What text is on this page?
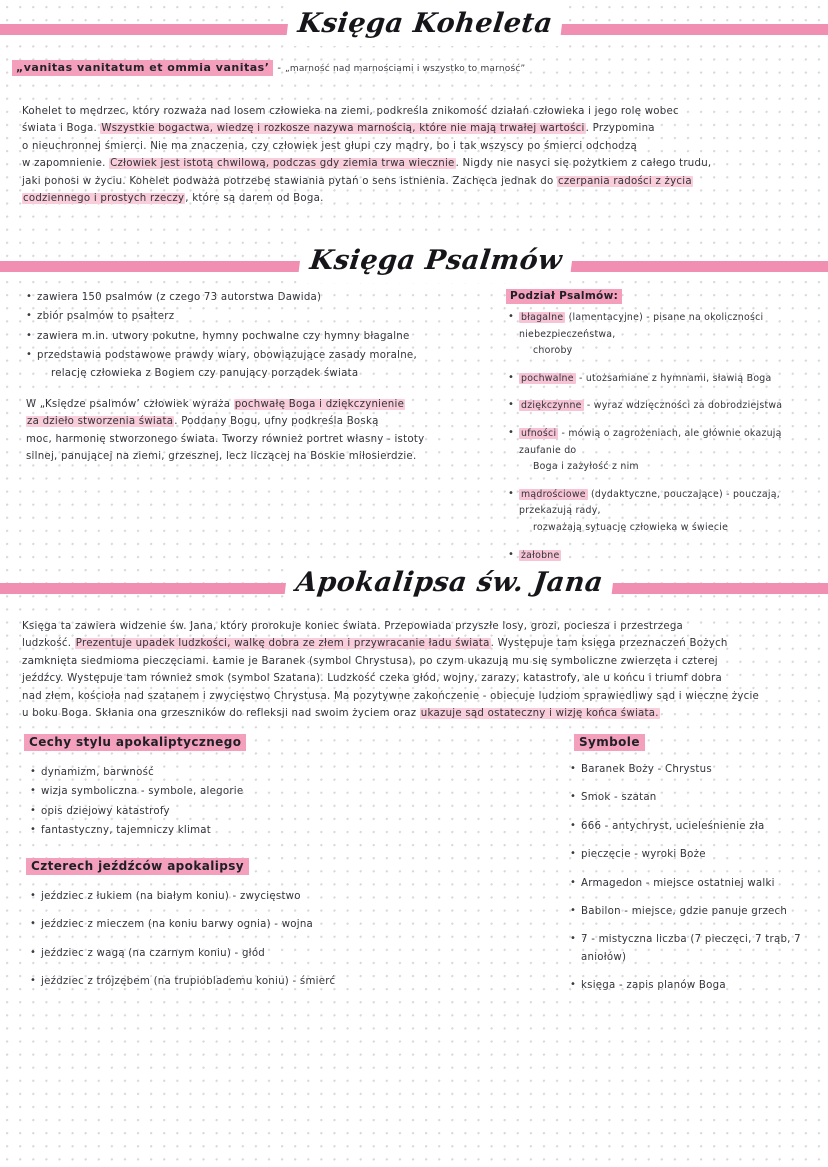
Księga Koheleta
„vanitas vanitatum et ommia vanitas’ - „marność nad marnościami i wszystko to marność”
Kohelet to mędrzec, który rozważa nad losem człowieka na ziemi, podkreśla znikomość działań człowieka i jego rolę wobec
świata i Boga. Wszystkie bogactwa, wiedzę i rozkosze nazywa marnością, które nie mają trwałej wartości. Przypomina
o nieuchronnej śmierci. Nie ma znaczenia, czy człowiek jest głupi czy mądry, bo i tak wszyscy po śmierci odchodzą
w zapomnienie. Człowiek jest istotą chwilową, podczas gdy ziemia trwa wiecznie. Nigdy nie nasyci się pożytkiem z całego trudu,
jaki ponosi w życiu. Kohelet podważa potrzebę stawiania pytań o sens istnienia. Zachęca jednak do czerpania radości z życia
codziennego i prostych rzeczy, które są darem od Boga.
Księga Psalmów
• zawiera 150 psalmów (z czego 73 autorstwa Dawida)
• zbiór psalmów to psałterz
• zawiera m.in. utwory pokutne, hymny pochwalne czy hymny błagalne
• przedstawia podstawowe prawdy wiary, obowiązujące zasady moralne,
relację człowieka z Bogiem czy panujący porządek świata
W „Księdze psalmów’ człowiek wyraża pochwałę Boga i dziękczynienie
za dzieło stworzenia świata. Poddany Bogu, ufny podkreśla Boską
moc, harmonię stworzonego świata. Tworzy również portret własny - istoty
silnej, panującej na ziemi, grzesznej, lecz liczącej na Boskie miłosierdzie.
Podział Psalmów:
• błagalne (lamentacyjne) - pisane na okoliczności niebezpieczeństwa,
choroby
• pochwalne - utożsamiane z hymnami, sławią Boga
• dziękczynne - wyraz wdzięczności za dobrodziejstwa
• ufności - mówią o zagrożeniach, ale głównie okazują zaufanie do
Boga i zażyłość z nim
• mądrościowe (dydaktyczne, pouczające) - pouczają, przekazują rady,
rozważają sytuację człowieka w świecie
• żałobne
Apokalipsa św. Jana
Księga ta zawiera widzenie św. Jana, który prorokuje koniec świata. Przepowiada przyszłe losy, grozi, pociesza i przestrzega
ludzkość. Prezentuje upadek ludzkości, walkę dobra ze złem i przywracanie ładu świata. Występuje tam księga przeznaczeń Bożych
zamknięta siedmioma pieczęciami. Łamie je Baranek (symbol Chrystusa), po czym ukazują mu się symboliczne zwierzęta i czterej
jeźdźcy. Występuje tam również smok (symbol Szatana). Ludzkość czeka głód, wojny, zarazy, katastrofy, ale u końcu i triumf dobra
nad złem, kościoła nad szatanem i zwycięstwo Chrystusa. Ma pozytywne zakończenie - obiecuje ludziom sprawiedliwy sąd i wieczne życie
u boku Boga. Skłania ona grzeszników do refleksji nad swoim życiem oraz ukazuje sąd ostateczny i wizję końca świata.
Cechy stylu apokaliptycznego
• dynamizm, barwność
• wizja symboliczna - symbole, alegorie
• opis dziejowy katastrofy
• fantastyczny, tajemniczy klimat
Czterech jeźdźców apokalipsy
• jeździec z łukiem (na białym koniu) - zwycięstwo
• jeździec z mieczem (na koniu barwy ognia) - wojna
• jeździec z wagą (na czarnym koniu) - głód
• jeździec z trójzębem (na trupioblademu koniu) - śmierć
Symbole
• Baranek Boży - Chrystus
• Smok - szatan
• 666 - antychryst, ucieleśnienie zła
• pieczęcie - wyroki Boże
• Armagedon - miejsce ostatniej walki
• Babilon - miejsce, gdzie panuje grzech
• 7 - mistyczna liczba (7 pieczęci, 7 trąb, 7 aniołów)
• księga - zapis planów Boga
